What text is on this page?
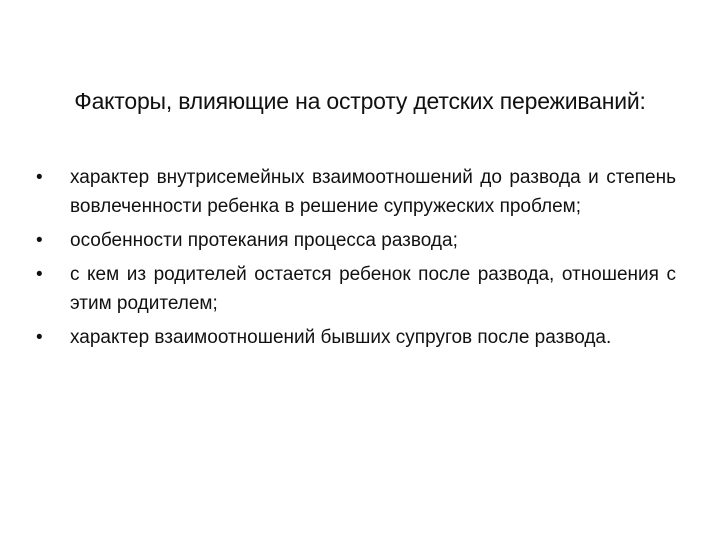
Факторы, влияющие на остроту детских переживаний:
•	характер внутрисемейных взаимоотношений до развода и степень вовлеченности ребенка в решение супружеских проблем;
•	особенности протекания процесса развода;
•	с кем из родителей остается ребенок после развода, отношения с этим родителем;
•	характер взаимоотношений бывших супругов после развода.
